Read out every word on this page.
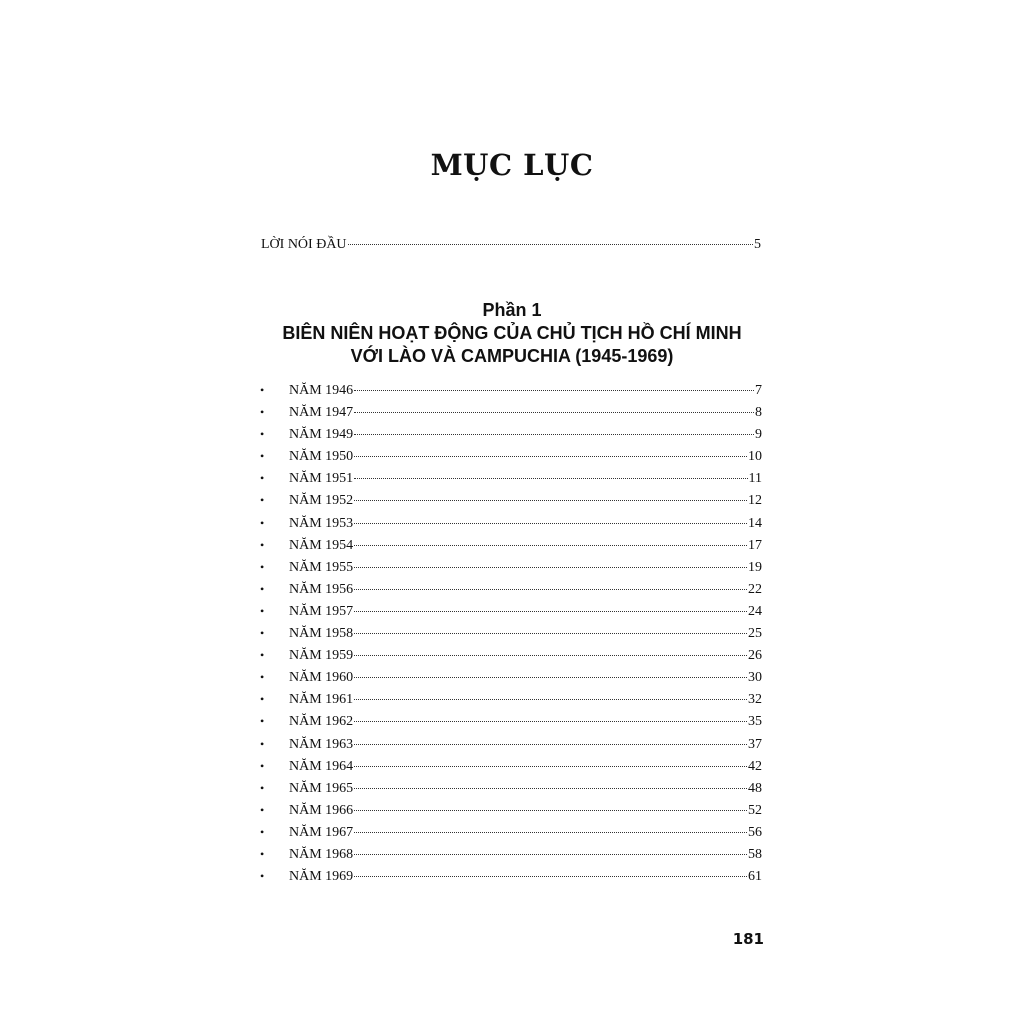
MỤC LỤC
LỜI NÓI ĐẦU	5
Phần 1
BIÊN NIÊN HOẠT ĐỘNG CỦA CHỦ TỊCH HỒ CHÍ MINH
VỚI LÀO VÀ CAMPUCHIA (1945-1969)
•	NĂM 1946	7
•	NĂM 1947	8
•	NĂM 1949	9
•	NĂM 1950	10
•	NĂM 1951	11
•	NĂM 1952	12
•	NĂM 1953	14
•	NĂM 1954	17
•	NĂM 1955	19
•	NĂM 1956	22
•	NĂM 1957	24
•	NĂM 1958	25
•	NĂM 1959	26
•	NĂM 1960	30
•	NĂM 1961	32
•	NĂM 1962	35
•	NĂM 1963	37
•	NĂM 1964	42
•	NĂM 1965	48
•	NĂM 1966	52
•	NĂM 1967	56
•	NĂM 1968	58
•	NĂM 1969	61
181
